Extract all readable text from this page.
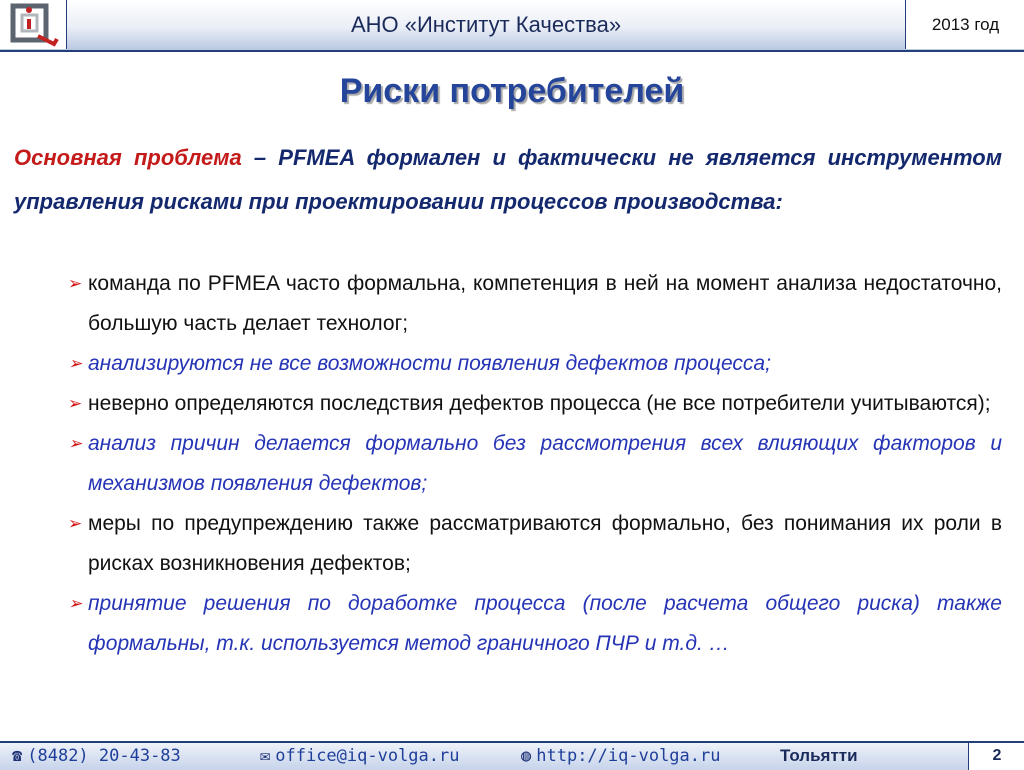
АНО «Институт Качества»	2013 год
Риски потребителей
Основная проблема – PFMEA формален и фактически не является инструментом управления рисками при проектировании процессов производства:
➢ команда по PFMEA часто формальна, компетенция в ней на момент анализа недостаточно, большую часть делает технолог;
➢ анализируются не все возможности появления дефектов процесса;
➢ неверно определяются последствия дефектов процесса (не все потребители учитываются);
➢ анализ причин делается формально без рассмотрения всех влияющих факторов и механизмов появления дефектов;
➢ меры по предупреждению также рассматриваются формально, без понимания их роли в рисках возникновения дефектов;
➢ принятие решения по доработке процесса (после расчета общего риска) также формальны, т.к. используется метод граничного ПЧР и т.д. …
☎ (8482) 20-43-83	✉ office@iq-volga.ru	◍ http://iq-volga.ru	Тольятти	2
